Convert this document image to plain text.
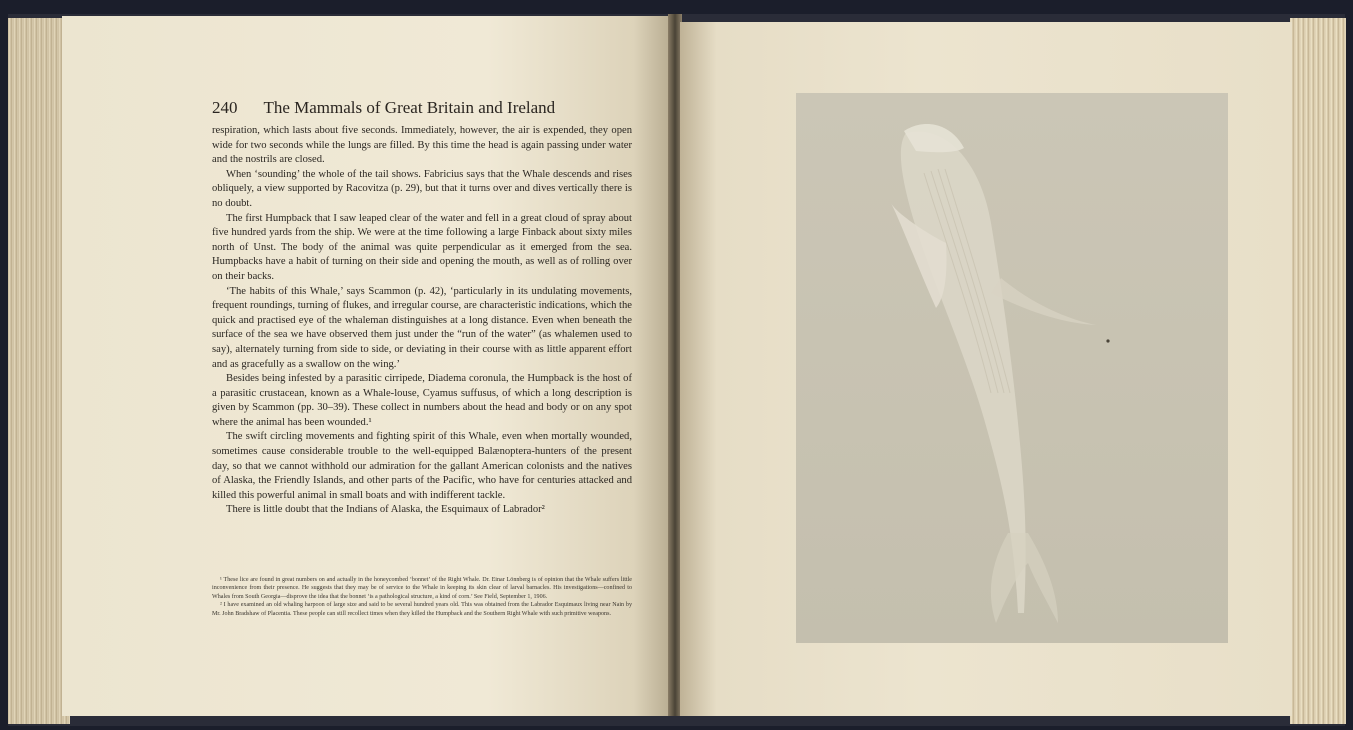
240 The Mammals of Great Britain and Ireland

respiration, which lasts about five seconds. Immediately, however, the air is expended, they open wide for two seconds while the lungs are filled. By this time the head is again passing under water and the nostrils are closed.

When ‘sounding’ the whole of the tail shows. Fabricius says that the Whale descends and rises obliquely, a view supported by Racovitza (p. 29), but that it turns over and dives vertically there is no doubt.

The first Humpback that I saw leaped clear of the water and fell in a great cloud of spray about five hundred yards from the ship. We were at the time following a large Finback about sixty miles north of Unst. The body of the animal was quite perpendicular as it emerged from the sea. Humpbacks have a habit of turning on their side and opening the mouth, as well as of rolling over on their backs.

‘The habits of this Whale,’ says Scammon (p. 42), ‘particularly in its undulating movements, frequent roundings, turning of flukes, and irregular course, are characteristic indications, which the quick and practised eye of the whaleman distinguishes at a long distance. Even when beneath the surface of the sea we have observed them just under the “run of the water” (as whalemen used to say), alternately turning from side to side, or deviating in their course with as little apparent effort and as gracefully as a swallow on the wing.’

Besides being infested by a parasitic cirripede, Diadema coronula, the Humpback is the host of a parasitic crustacean, known as a Whale-louse, Cyamus suffusus, of which a long description is given by Scammon (pp. 30–39). These collect in numbers about the head and body or on any spot where the animal has been wounded.¹

The swift circling movements and fighting spirit of this Whale, even when mortally wounded, sometimes cause considerable trouble to the well-equipped Balænoptera-hunters of the present day, so that we cannot withhold our admiration for the gallant American colonists and the natives of Alaska, the Friendly Islands, and other parts of the Pacific, who have for centuries attacked and killed this powerful animal in small boats and with indifferent tackle.

There is little doubt that the Indians of Alaska, the Esquimaux of Labrador²

¹ These lice are found in great numbers on and actually in the honeycombed ‘bonnet’ of the Right Whale. Dr. Einar Lönnberg is of opinion that the Whale suffers little inconvenience from their presence. He suggests that they may be of service to the Whale in keeping its skin clear of larval barnacles. His investigations—confined to Whales from South Georgia—disprove the idea that the bonnet ‘is a pathological structure, a kind of corn.’ See Field, September 1, 1906.

² I have examined an old whaling harpoon of large size and said to be several hundred years old. This was obtained from the Labrador Esquimaux living near Nain by Mr. John Bradshaw of Placentia. These people can still recollect times when they killed the Humpback and the Southern Right Whale with such primitive weapons.
